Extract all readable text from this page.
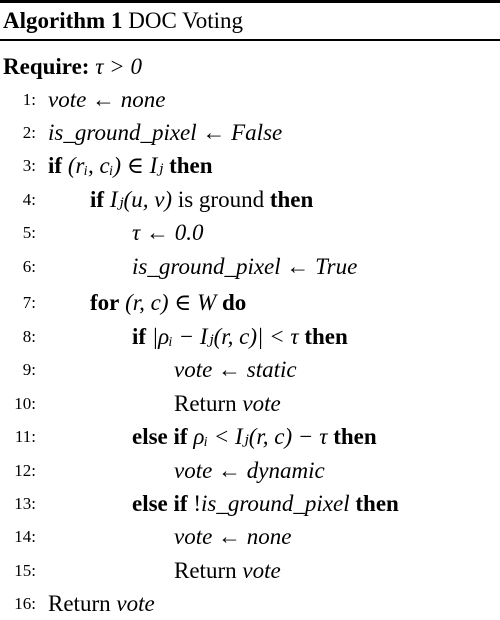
Algorithm 1 DOC Voting
Require: τ > 0
1: vote ← none
2: is_ground_pixel ← False
3: if (rᵢ, cᵢ) ∈ Iⱼ then
4: if Iⱼ(u, v) is ground then
5:	τ ← 0.0
6:	is_ground_pixel ← True
7: for (r, c) ∈ W do
8:	if |ρᵢ − Iⱼ(r, c)| < τ then
9:	vote ← static
10:	Return vote
11:	else if ρᵢ < Iⱼ(r, c) − τ then
12:	vote ← dynamic
13:	else if !is_ground_pixel then
14:	vote ← none
15:	Return vote
16: Return vote
